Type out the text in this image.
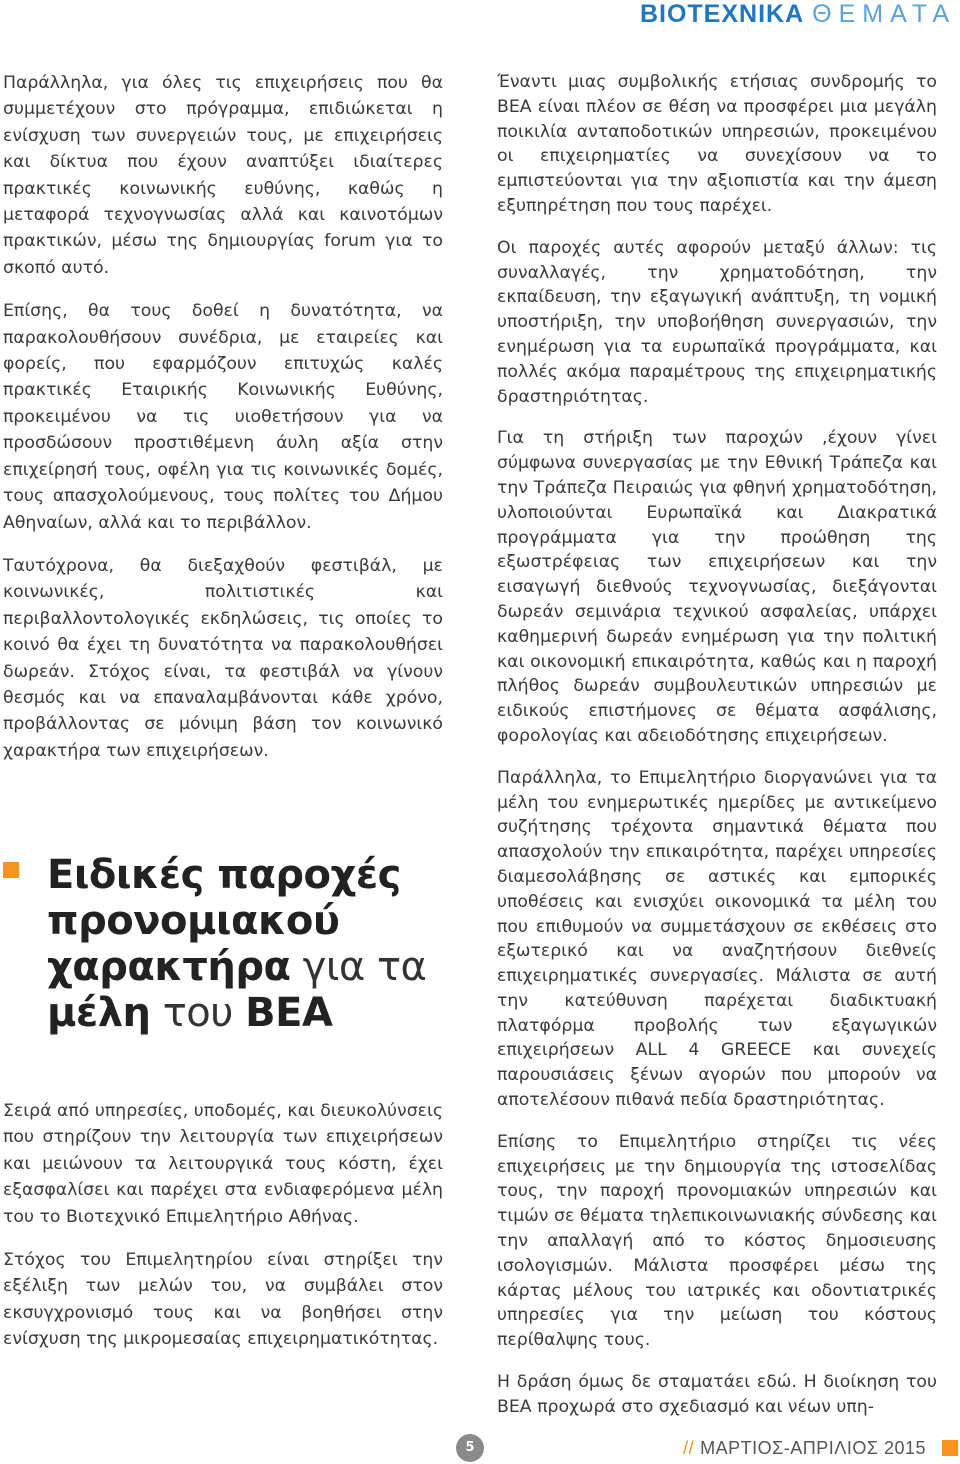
ΒΙΟΤΕΧΝΙΚΑ ΘΕΜΑΤΑ

Παράλληλα, για όλες τις επιχειρήσεις που θα συμμετέχουν στο πρόγραμμα, επιδιώκεται η ενίσχυση των συνεργειών τους, με επιχειρήσεις και δίκτυα που έχουν αναπτύξει ιδιαίτερες πρακτικές κοινωνικής ευθύνης, καθώς η μεταφορά τεχνογνωσίας αλλά και καινοτόμων πρακτικών, μέσω της δημιουργίας forum για το σκοπό αυτό.

Επίσης, θα τους δοθεί η δυνατότητα, να παρακολουθήσουν συνέδρια, με εταιρείες και φορείς, που εφαρμόζουν επιτυχώς καλές πρακτικές Εταιρικής Κοινωνικής Ευθύνης, προκειμένου να τις υιοθετήσουν για να προσδώσουν προστιθέμενη άυλη αξία στην επιχείρησή τους, οφέλη για τις κοινωνικές δομές, τους απασχολούμενους, τους πολίτες του Δήμου Αθηναίων, αλλά και το περιβάλλον.

Ταυτόχρονα, θα διεξαχθούν φεστιβάλ, με κοινωνικές, πολιτιστικές και περιβαλλοντολογικές εκδηλώσεις, τις οποίες το κοινό θα έχει τη δυνατότητα να παρακολουθήσει δωρεάν. Στόχος είναι, τα φεστιβάλ να γίνουν θεσμός και να επαναλαμβάνονται κάθε χρόνο, προβάλλοντας σε μόνιμη βάση τον κοινωνικό χαρακτήρα των επιχειρήσεων.

Ειδικές παροχές
προνομιακού
χαρακτήρα για τα
μέλη του ΒΕΑ

Σειρά από υπηρεσίες, υποδομές, και διευκολύνσεις που στηρίζουν την λειτουργία των επιχειρήσεων και μειώνουν τα λειτουργικά τους κόστη, έχει εξασφαλίσει και παρέχει στα ενδιαφερόμενα μέλη του το Βιοτεχνικό Επιμελητήριο Αθήνας.

Στόχος του Επιμελητηρίου είναι στηρίξει την εξέλιξη των μελών του, να συμβάλει στον εκσυγχρονισμό τους και να βοηθήσει στην ενίσχυση της μικρομεσαίας επιχειρηματικότητας.

Έναντι μιας συμβολικής ετήσιας συνδρομής το ΒΕΑ είναι πλέον σε θέση να προσφέρει μια μεγάλη ποικιλία ανταποδοτικών υπηρεσιών, προκειμένου οι επιχειρηματίες να συνεχίσουν να το εμπιστεύονται για την αξιοπιστία και την άμεση εξυπηρέτηση που τους παρέχει.

Οι παροχές αυτές αφορούν μεταξύ άλλων: τις συναλλαγές, την χρηματοδότηση, την εκπαίδευση, την εξαγωγική ανάπτυξη, τη νομική υποστήριξη, την υποβοήθηση συνεργασιών, την ενημέρωση για τα ευρωπαϊκά προγράμματα, και πολλές ακόμα παραμέτρους της επιχειρηματικής δραστηριότητας.

Για τη στήριξη των παροχών ,έχουν γίνει σύμφωνα συνεργασίας με την Εθνική Τράπεζα και την Τράπεζα Πειραιώς για φθηνή χρηματοδότηση, υλοποιούνται Ευρωπαϊκά και Διακρατικά προγράμματα για την προώθηση της εξωστρέφειας των επιχειρήσεων και την εισαγωγή διεθνούς τεχνογνωσίας, διεξάγονται δωρεάν σεμινάρια τεχνικού ασφαλείας, υπάρχει καθημερινή δωρεάν ενημέρωση για την πολιτική και οικονομική επικαιρότητα, καθώς και η παροχή πλήθος δωρεάν συμβουλευτικών υπηρεσιών με ειδικούς επιστήμονες σε θέματα ασφάλισης, φορολογίας και αδειοδότησης επιχειρήσεων.

Παράλληλα, το Επιμελητήριο διοργανώνει για τα μέλη του ενημερωτικές ημερίδες με αντικείμενο συζήτησης τρέχοντα σημαντικά θέματα που απασχολούν την επικαιρότητα, παρέχει υπηρεσίες διαμεσολάβησης σε αστικές και εμπορικές υποθέσεις και ενισχύει οικονομικά τα μέλη του που επιθυμούν να συμμετάσχουν σε εκθέσεις στο εξωτερικό και να αναζητήσουν διεθνείς επιχειρηματικές συνεργασίες. Μάλιστα σε αυτή την κατεύθυνση παρέχεται διαδικτυακή πλατφόρμα προβολής των εξαγωγικών επιχειρήσεων ALL 4 GREECE και συνεχείς παρουσιάσεις ξένων αγορών που μπορούν να αποτελέσουν πιθανά πεδία δραστηριότητας.

Επίσης το Επιμελητήριο στηρίζει τις νέες επιχειρήσεις με την δημιουργία της ιστοσελίδας τους, την παροχή προνομιακών υπηρεσιών και τιμών σε θέματα τηλεπικοινωνιακής σύνδεσης και την απαλλαγή από το κόστος δημοσιευσης ισολογισμών. Μάλιστα προσφέρει μέσω της κάρτας μέλους του ιατρικές και οδοντιατρικές υπηρεσίες για την μείωση του κόστους περίθαλψης τους.

Η δράση όμως δε σταματάει εδώ. Η διοίκηση του ΒΕΑ προχωρά στο σχεδιασμό και νέων υπη-

5	// ΜΑΡΤΙΟΣ-ΑΠΡΙΛΙΟΣ 2015
